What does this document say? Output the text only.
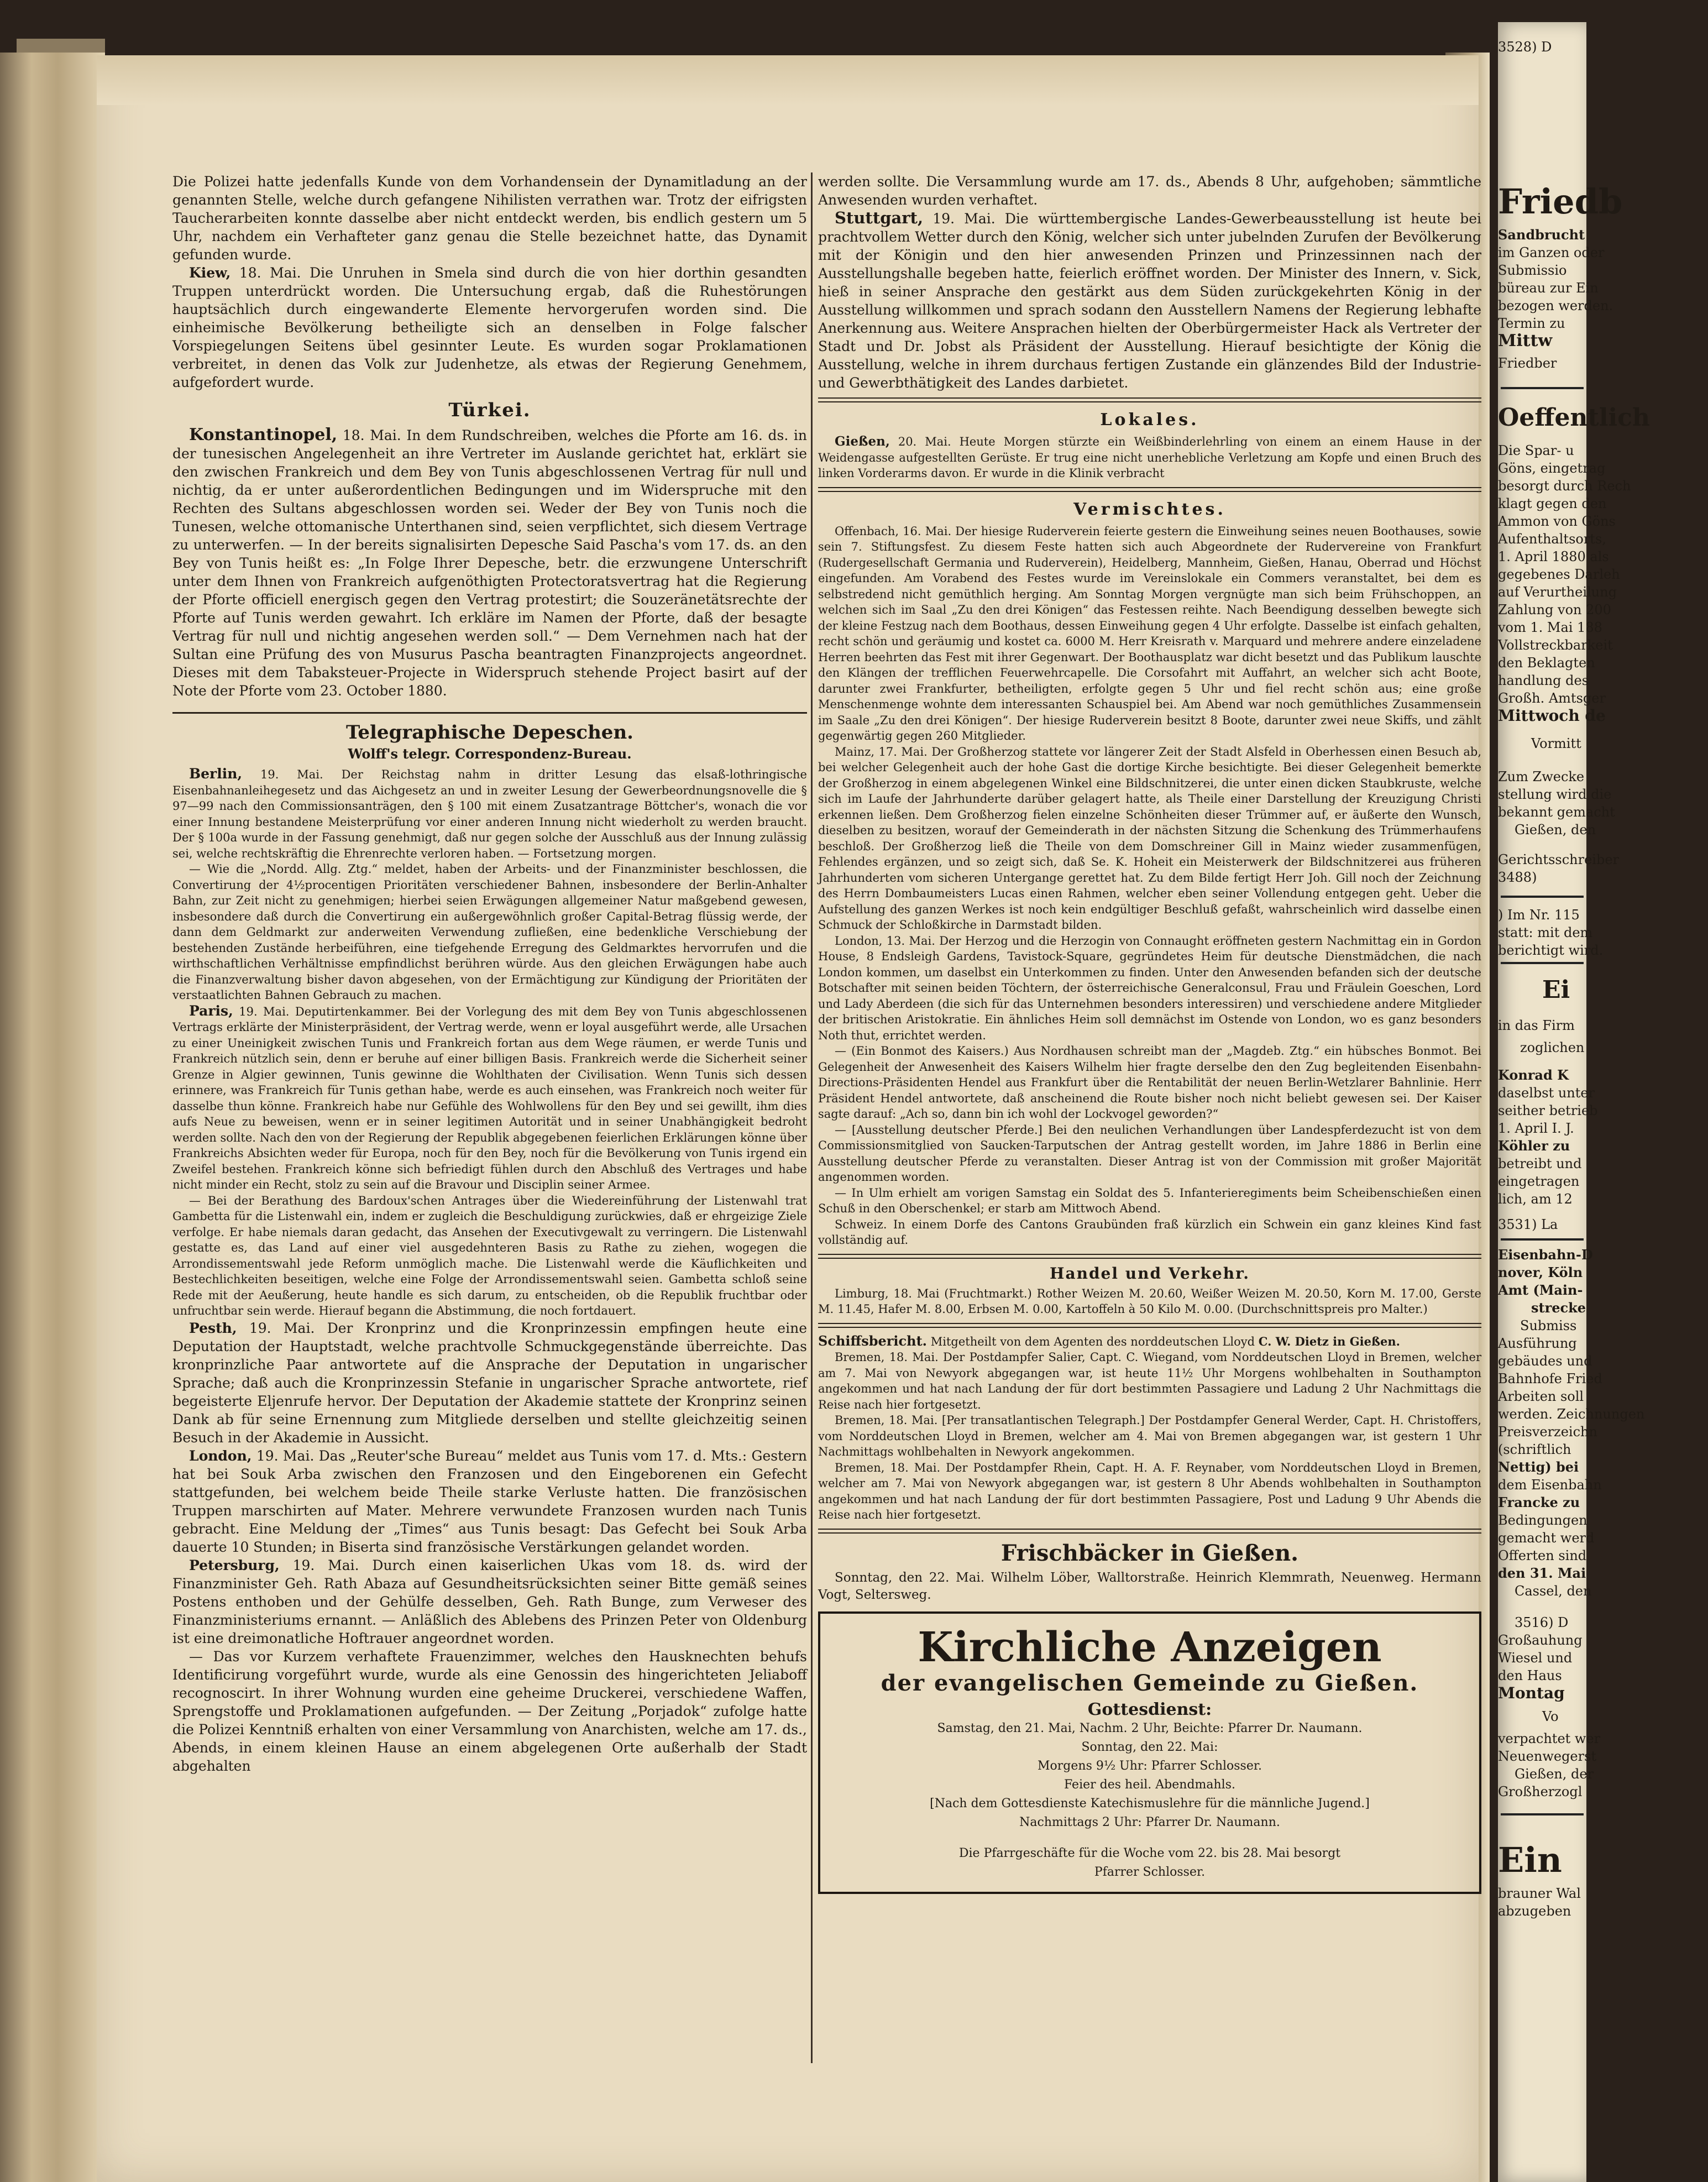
Die Polizei hatte jedenfalls Kunde von dem Vorhandensein der Dynamitladung an der genannten Stelle, welche durch gefangene Nihilisten verrathen war. Trotz der eifrigsten Taucherarbeiten konnte dasselbe aber nicht entdeckt werden, bis endlich gestern um 5 Uhr, nachdem ein Verhafteter ganz genau die Stelle bezeichnet hatte, das Dynamit gefunden wurde.

Kiew, 18. Mai. Die Unruhen in Smela sind durch die von hier dorthin gesandten Truppen unterdrückt worden. Die Untersuchung ergab, daß die Ruhestörungen hauptsächlich durch eingewanderte Elemente hervorgerufen worden sind. Die einheimische Bevölkerung betheiligte sich an denselben in Folge falscher Vorspiegelungen Seitens übel gesinnter Leute. Es wurden sogar Proklamationen verbreitet, in denen das Volk zur Judenhetze, als etwas der Regierung Genehmem, aufgefordert wurde.

Türkei.

Konstantinopel, 18. Mai. In dem Rundschreiben, welches die Pforte am 16. ds. in der tunesischen Angelegenheit an ihre Vertreter im Auslande gerichtet hat, erklärt sie den zwischen Frankreich und dem Bey von Tunis abgeschlossenen Vertrag für null und nichtig, da er unter außerordentlichen Bedingungen und im Widerspruche mit den Rechten des Sultans abgeschlossen worden sei. Weder der Bey von Tunis noch die Tunesen, welche ottomanische Unterthanen sind, seien verpflichtet, sich diesem Vertrage zu unterwerfen. — In der bereits signalisirten Depesche Said Pascha's vom 17. ds. an den Bey von Tunis heißt es: „In Folge Ihrer Depesche, betr. die erzwungene Unterschrift unter dem Ihnen von Frankreich aufgenöthigten Protectoratsvertrag hat die Regierung der Pforte officiell energisch gegen den Vertrag protestirt; die Souzeränetätsrechte der Pforte auf Tunis werden gewahrt. Ich erkläre im Namen der Pforte, daß der besagte Vertrag für null und nichtig angesehen werden soll.“ — Dem Vernehmen nach hat der Sultan eine Prüfung des von Musurus Pascha beantragten Finanzprojects angeordnet. Dieses mit dem Tabaksteuer-Projecte in Widerspruch stehende Project basirt auf der Note der Pforte vom 23. October 1880.

Telegraphische Depeschen.
Wolff's telegr. Correspondenz-Bureau.

Berlin, 19. Mai. Der Reichstag nahm in dritter Lesung das elsaß-lothringische Eisenbahnanleihegesetz und das Aichgesetz an und in zweiter Lesung der Gewerbeordnungsnovelle die § 97—99 nach den Commissionsanträgen, den § 100 mit einem Zusatzantrage Böttcher's, wonach die vor einer Innung bestandene Meisterprüfung vor einer anderen Innung nicht wiederholt zu werden braucht. Der § 100a wurde in der Fassung genehmigt, daß nur gegen solche der Ausschluß aus der Innung zulässig sei, welche rechtskräftig die Ehrenrechte verloren haben. — Fortsetzung morgen.

— Wie die „Nordd. Allg. Ztg.“ meldet, haben der Arbeits- und der Finanzminister beschlossen, die Convertirung der 4½procentigen Prioritäten verschiedener Bahnen, insbesondere der Berlin-Anhalter Bahn, zur Zeit nicht zu genehmigen; hierbei seien Erwägungen allgemeiner Natur maßgebend gewesen, insbesondere daß durch die Convertirung ein außergewöhnlich großer Capital-Betrag flüssig werde, der dann dem Geldmarkt zur anderweiten Verwendung zufließen, eine bedenkliche Verschiebung der bestehenden Zustände herbeiführen, eine tiefgehende Erregung des Geldmarktes hervorrufen und die wirthschaftlichen Verhältnisse empfindlichst berühren würde. Aus den gleichen Erwägungen habe auch die Finanzverwaltung bisher davon abgesehen, von der Ermächtigung zur Kündigung der Prioritäten der verstaatlichten Bahnen Gebrauch zu machen.

Paris, 19. Mai. Deputirtenkammer. Bei der Vorlegung des mit dem Bey von Tunis abgeschlossenen Vertrags erklärte der Ministerpräsident, der Vertrag werde, wenn er loyal ausgeführt werde, alle Ursachen zu einer Uneinigkeit zwischen Tunis und Frankreich fortan aus dem Wege räumen, er werde Tunis und Frankreich nützlich sein, denn er beruhe auf einer billigen Basis. Frankreich werde die Sicherheit seiner Grenze in Algier gewinnen, Tunis gewinne die Wohlthaten der Civilisation. Wenn Tunis sich dessen erinnere, was Frankreich für Tunis gethan habe, werde es auch einsehen, was Frankreich noch weiter für dasselbe thun könne. Frankreich habe nur Gefühle des Wohlwollens für den Bey und sei gewillt, ihm dies aufs Neue zu beweisen, wenn er in seiner legitimen Autorität und in seiner Unabhängigkeit bedroht werden sollte. Nach den von der Regierung der Republik abgegebenen feierlichen Erklärungen könne über Frankreichs Absichten weder für Europa, noch für den Bey, noch für die Bevölkerung von Tunis irgend ein Zweifel bestehen. Frankreich könne sich befriedigt fühlen durch den Abschluß des Vertrages und habe nicht minder ein Recht, stolz zu sein auf die Bravour und Disciplin seiner Armee.

— Bei der Berathung des Bardoux'schen Antrages über die Wiedereinführung der Listenwahl trat Gambetta für die Listenwahl ein, indem er zugleich die Beschuldigung zurückwies, daß er ehrgeizige Ziele verfolge. Er habe niemals daran gedacht, das Ansehen der Executivgewalt zu verringern. Die Listenwahl gestatte es, das Land auf einer viel ausgedehnteren Basis zu Rathe zu ziehen, wogegen die Arrondissementswahl jede Reform unmöglich mache. Die Listenwahl werde die Käuflichkeiten und Bestechlichkeiten beseitigen, welche eine Folge der Arrondissementswahl seien. Gambetta schloß seine Rede mit der Aeußerung, heute handle es sich darum, zu entscheiden, ob die Republik fruchtbar oder unfruchtbar sein werde. Hierauf begann die Abstimmung, die noch fortdauert.

Pesth, 19. Mai. Der Kronprinz und die Kronprinzessin empfingen heute eine Deputation der Hauptstadt, welche prachtvolle Schmuckgegenstände überreichte. Das kronprinzliche Paar antwortete auf die Ansprache der Deputation in ungarischer Sprache; daß auch die Kronprinzessin Stefanie in ungarischer Sprache antwortete, rief begeisterte Eljenrufe hervor. Der Deputation der Akademie stattete der Kronprinz seinen Dank ab für seine Ernennung zum Mitgliede derselben und stellte gleichzeitig seinen Besuch in der Akademie in Aussicht.

London, 19. Mai. Das „Reuter'sche Bureau“ meldet aus Tunis vom 17. d. Mts.: Gestern hat bei Souk Arba zwischen den Franzosen und den Eingeborenen ein Gefecht stattgefunden, bei welchem beide Theile starke Verluste hatten. Die französischen Truppen marschirten auf Mater. Mehrere verwundete Franzosen wurden nach Tunis gebracht. Eine Meldung der „Times“ aus Tunis besagt: Das Gefecht bei Souk Arba dauerte 10 Stunden; in Biserta sind französische Verstärkungen gelandet worden.

Petersburg, 19. Mai. Durch einen kaiserlichen Ukas vom 18. ds. wird der Finanzminister Geh. Rath Abaza auf Gesundheitsrücksichten seiner Bitte gemäß seines Postens enthoben und der Gehülfe desselben, Geh. Rath Bunge, zum Verweser des Finanzministeriums ernannt. — Anläßlich des Ablebens des Prinzen Peter von Oldenburg ist eine dreimonatliche Hoftrauer angeordnet worden.

— Das vor Kurzem verhaftete Frauenzimmer, welches den Hausknechten behufs Identificirung vorgeführt wurde, wurde als eine Genossin des hingerichteten Jeliaboff recognoscirt. In ihrer Wohnung wurden eine geheime Druckerei, verschiedene Waffen, Sprengstoffe und Proklamationen aufgefunden. — Der Zeitung „Porjadok“ zufolge hatte die Polizei Kenntniß erhalten von einer Versammlung von Anarchisten, welche am 17. ds., Abends, in einem kleinen Hause an einem abgelegenen Orte außerhalb der Stadt abgehalten

werden sollte. Die Versammlung wurde am 17. ds., Abends 8 Uhr, aufgehoben; sämmtliche Anwesenden wurden verhaftet.

Stuttgart, 19. Mai. Die württembergische Landes-Gewerbeausstellung ist heute bei prachtvollem Wetter durch den König, welcher sich unter jubelnden Zurufen der Bevölkerung mit der Königin und den hier anwesenden Prinzen und Prinzessinnen nach der Ausstellungshalle begeben hatte, feierlich eröffnet worden. Der Minister des Innern, v. Sick, hieß in seiner Ansprache den gestärkt aus dem Süden zurückgekehrten König in der Ausstellung willkommen und sprach sodann den Ausstellern Namens der Regierung lebhafte Anerkennung aus. Weitere Ansprachen hielten der Oberbürgermeister Hack als Vertreter der Stadt und Dr. Jobst als Präsident der Ausstellung. Hierauf besichtigte der König die Ausstellung, welche in ihrem durchaus fertigen Zustande ein glänzendes Bild der Industrie- und Gewerbthätigkeit des Landes darbietet.

Lokales.

Gießen, 20. Mai. Heute Morgen stürzte ein Weißbinderlehrling von einem an einem Hause in der Weidengasse aufgestellten Gerüste. Er trug eine nicht unerhebliche Verletzung am Kopfe und einen Bruch des linken Vorderarms davon. Er wurde in die Klinik verbracht

Vermischtes.

Offenbach, 16. Mai. Der hiesige Ruderverein feierte gestern die Einweihung seines neuen Boothauses, sowie sein 7. Stiftungsfest. Zu diesem Feste hatten sich auch Abgeordnete der Rudervereine von Frankfurt (Rudergesellschaft Germania und Ruderverein), Heidelberg, Mannheim, Gießen, Hanau, Oberrad und Höchst eingefunden. Am Vorabend des Festes wurde im Vereinslokale ein Commers veranstaltet, bei dem es selbstredend nicht gemüthlich herging. Am Sonntag Morgen vergnügte man sich beim Frühschoppen, an welchen sich im Saal „Zu den drei Königen“ das Festessen reihte. Nach Beendigung desselben bewegte sich der kleine Festzug nach dem Boothaus, dessen Einweihung gegen 4 Uhr erfolgte. Dasselbe ist einfach gehalten, recht schön und geräumig und kostet ca. 6000 M. Herr Kreisrath v. Marquard und mehrere andere einzeladene Herren beehrten das Fest mit ihrer Gegenwart. Der Boothausplatz war dicht besetzt und das Publikum lauschte den Klängen der trefflichen Feuerwehrcapelle. Die Corsofahrt mit Auffahrt, an welcher sich acht Boote, darunter zwei Frankfurter, betheiligten, erfolgte gegen 5 Uhr und fiel recht schön aus; eine große Menschenmenge wohnte dem interessanten Schauspiel bei. Am Abend war noch gemüthliches Zusammensein im Saale „Zu den drei Königen“. Der hiesige Ruderverein besitzt 8 Boote, darunter zwei neue Skiffs, und zählt gegenwärtig gegen 260 Mitglieder.

Mainz, 17. Mai. Der Großherzog stattete vor längerer Zeit der Stadt Alsfeld in Oberhessen einen Besuch ab, bei welcher Gelegenheit auch der hohe Gast die dortige Kirche besichtigte. Bei dieser Gelegenheit bemerkte der Großherzog in einem abgelegenen Winkel eine Bildschnitzerei, die unter einen dicken Staubkruste, welche sich im Laufe der Jahrhunderte darüber gelagert hatte, als Theile einer Darstellung der Kreuzigung Christi erkennen ließen. Dem Großherzog fielen einzelne Schönheiten dieser Trümmer auf, er äußerte den Wunsch, dieselben zu besitzen, worauf der Gemeinderath in der nächsten Sitzung die Schenkung des Trümmerhaufens beschloß. Der Großherzog ließ die Theile von dem Domschreiner Gill in Mainz wieder zusammenfügen, Fehlendes ergänzen, und so zeigt sich, daß Se. K. Hoheit ein Meisterwerk der Bildschnitzerei aus früheren Jahrhunderten vom sicheren Untergange gerettet hat. Zu dem Bilde fertigt Herr Joh. Gill noch der Zeichnung des Herrn Dombaumeisters Lucas einen Rahmen, welcher eben seiner Vollendung entgegen geht. Ueber die Aufstellung des ganzen Werkes ist noch kein endgültiger Beschluß gefaßt, wahrscheinlich wird dasselbe einen Schmuck der Schloßkirche in Darmstadt bilden.

London, 13. Mai. Der Herzog und die Herzogin von Connaught eröffneten gestern Nachmittag ein in Gordon House, 8 Endsleigh Gardens, Tavistock-Square, gegründetes Heim für deutsche Dienstmädchen, die nach London kommen, um daselbst ein Unterkommen zu finden. Unter den Anwesenden befanden sich der deutsche Botschafter mit seinen beiden Töchtern, der österreichische Generalconsul, Frau und Fräulein Goeschen, Lord und Lady Aberdeen (die sich für das Unternehmen besonders interessiren) und verschiedene andere Mitglieder der britischen Aristokratie. Ein ähnliches Heim soll demnächst im Ostende von London, wo es ganz besonders Noth thut, errichtet werden.

— (Ein Bonmot des Kaisers.) Aus Nordhausen schreibt man der „Magdeb. Ztg.“ ein hübsches Bonmot. Bei Gelegenheit der Anwesenheit des Kaisers Wilhelm hier fragte derselbe den den Zug begleitenden Eisenbahn-Directions-Präsidenten Hendel aus Frankfurt über die Rentabilität der neuen Berlin-Wetzlarer Bahnlinie. Herr Präsident Hendel antwortete, daß anscheinend die Route bisher noch nicht beliebt gewesen sei. Der Kaiser sagte darauf: „Ach so, dann bin ich wohl der Lockvogel geworden?“

— [Ausstellung deutscher Pferde.] Bei den neulichen Verhandlungen über Landespferdezucht ist von dem Commissionsmitglied von Saucken-Tarputschen der Antrag gestellt worden, im Jahre 1886 in Berlin eine Ausstellung deutscher Pferde zu veranstalten. Dieser Antrag ist von der Commission mit großer Majorität angenommen worden.

— In Ulm erhielt am vorigen Samstag ein Soldat des 5. Infanterieregiments beim Scheibenschießen einen Schuß in den Oberschenkel; er starb am Mittwoch Abend.

Schweiz. In einem Dorfe des Cantons Graubünden fraß kürzlich ein Schwein ein ganz kleines Kind fast vollständig auf.

Handel und Verkehr.

Limburg, 18. Mai (Fruchtmarkt.) Rother Weizen M. 20.60, Weißer Weizen M. 20.50, Korn M. 17.00, Gerste M. 11.45, Hafer M. 8.00, Erbsen M. 0.00, Kartoffeln à 50 Kilo M. 0.00. (Durchschnittspreis pro Malter.)

Schiffsbericht. Mitgetheilt von dem Agenten des norddeutschen Lloyd C. W. Dietz in Gießen.

Bremen, 18. Mai. Der Postdampfer Salier, Capt. C. Wiegand, vom Norddeutschen Lloyd in Bremen, welcher am 7. Mai von Newyork abgegangen war, ist heute 11½ Uhr Morgens wohlbehalten in Southampton angekommen und hat nach Landung der für dort bestimmten Passagiere und Ladung 2 Uhr Nachmittags die Reise nach hier fortgesetzt.

Bremen, 18. Mai. [Per transatlantischen Telegraph.] Der Postdampfer General Werder, Capt. H. Christoffers, vom Norddeutschen Lloyd in Bremen, welcher am 4. Mai von Bremen abgegangen war, ist gestern 1 Uhr Nachmittags wohlbehalten in Newyork angekommen.

Bremen, 18. Mai. Der Postdampfer Rhein, Capt. H. A. F. Reynaber, vom Norddeutschen Lloyd in Bremen, welcher am 7. Mai von Newyork abgegangen war, ist gestern 8 Uhr Abends wohlbehalten in Southampton angekommen und hat nach Landung der für dort bestimmten Passagiere, Post und Ladung 9 Uhr Abends die Reise nach hier fortgesetzt.

Frischbäcker in Gießen.

Sonntag, den 22. Mai. Wilhelm Löber, Walltorstraße. Heinrich Klemmrath, Neuenweg. Hermann Vogt, Seltersweg.

Kirchliche Anzeigen
der evangelischen Gemeinde zu Gießen.
Gottesdienst:
Samstag, den 21. Mai, Nachm. 2 Uhr, Beichte: Pfarrer Dr. Naumann.
Sonntag, den 22. Mai:
Morgens 9½ Uhr: Pfarrer Schlosser.
Feier des heil. Abendmahls.
[Nach dem Gottesdienste Katechismuslehre für die männliche Jugend.]
Nachmittags 2 Uhr: Pfarrer Dr. Naumann.
Die Pfarrgeschäfte für die Woche vom 22. bis 28. Mai besorgt
Pfarrer Schlosser.
3528) D
Friedb
Sandbrucht
im Ganzen oder
Submissio
büreau zur Ein
bezogen werden.
Termin zu
Mittw
Friedber
Oeffentlich
Die Spar- u
Göns, eingetrag
besorgt durch Rech
klagt gegen den
Ammon von Göns
Aufenthaltsorts,
1. April 1880 als
gegebenes Darleh
auf Verurtheilung
Zahlung von 200
vom 1. Mai 188
Vollstreckbarkeit
den Beklagten
handlung des
Großh. Amtsger
Mittwoch de
Vormitt
Zum Zwecke
stellung wird die
bekannt gemacht
Gießen, den
Gerichtsschreiber
3488)
) Im Nr. 115
statt: mit dem
berichtigt wird.
Ei
in das Firm
zoglichen
Konrad K
daselbst unter
seither betrieb
1. April I. J.
Köhler zu
betreibt und
eingetragen
lich, am 12
3531) La
Eisenbahn-D
nover, Köln
Amt (Main-
strecke
Submiss
Ausführung
gebäudes und
Bahnhofe Fried
Arbeiten soll
werden. Zeichnungen
Preisverzeichn
(schriftlich
Nettig) bei
dem Eisenbahn
Francke zu
Bedingungen
gemacht werd
Offerten sind
den 31. Mai
Cassel, den
3516) D
Großauhung
Wiesel und
den Haus
Montag
Vo
verpachtet wer
Neuenwegerst
Gießen, der
Großherzogl
Ein
brauner Wal
abzugeben
